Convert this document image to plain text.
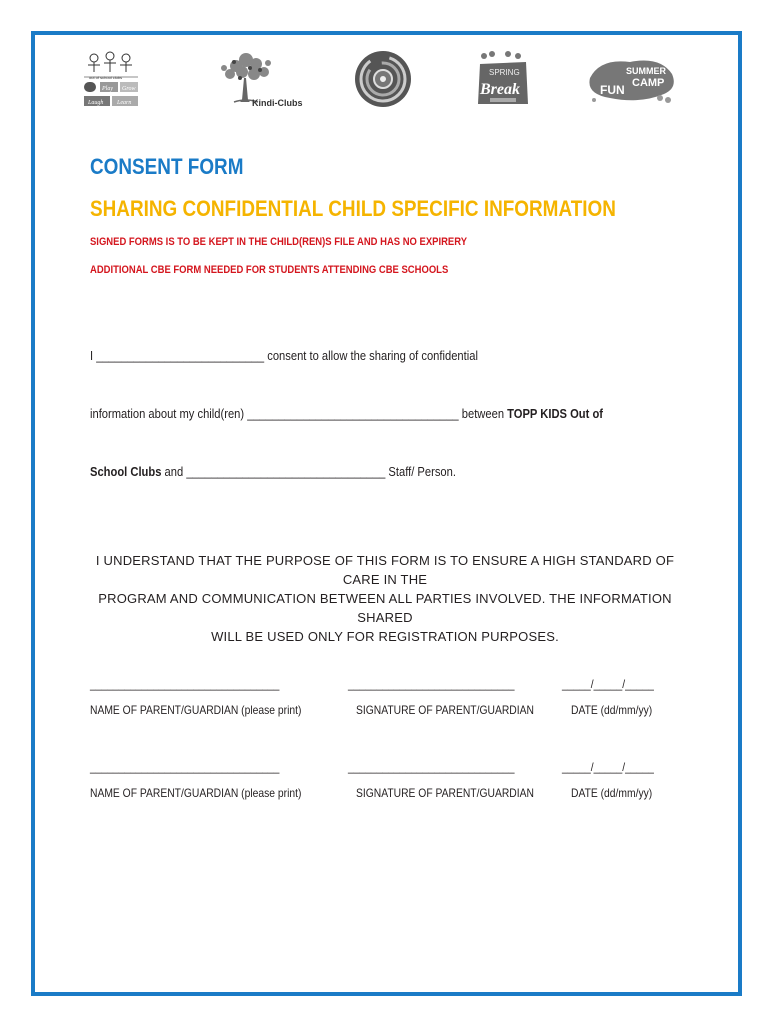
out of school clubs
Play Grow
Laugh Learn	Kindi-Clubs
SPRING
Break
SUMMER
CAMP
FUN
CONSENT FORM
SHARING CONFIDENTIAL CHILD SPECIFIC INFORMATION
SIGNED FORMS IS TO BE KEPT IN THE CHILD(REN)S FILE AND HAS NO EXPIRERY
ADDITIONAL CBE FORM NEEDED FOR STUDENTS ATTENDING CBE SCHOOLS
I ___________________________ consent to allow the sharing of confidential
information about my child(ren) __________________________________ between TOPP KIDS Out of
School Clubs and ________________________________ Staff/ Person.
I UNDERSTAND THAT THE PURPOSE OF THIS FORM IS TO ENSURE A HIGH STANDARD OF CARE IN THE
PROGRAM AND COMMUNICATION BETWEEN ALL PARTIES INVOLVED. THE INFORMATION SHARED
WILL BE USED ONLY FOR REGISTRATION PURPOSES.
_________________________________	_____________________________	_____/_____/_____
NAME OF PARENT/GUARDIAN (please print)	SIGNATURE OF PARENT/GUARDIAN	DATE (dd/mm/yy)
_________________________________	_____________________________	_____/_____/_____
NAME OF PARENT/GUARDIAN (please print)	SIGNATURE OF PARENT/GUARDIAN	DATE (dd/mm/yy)
